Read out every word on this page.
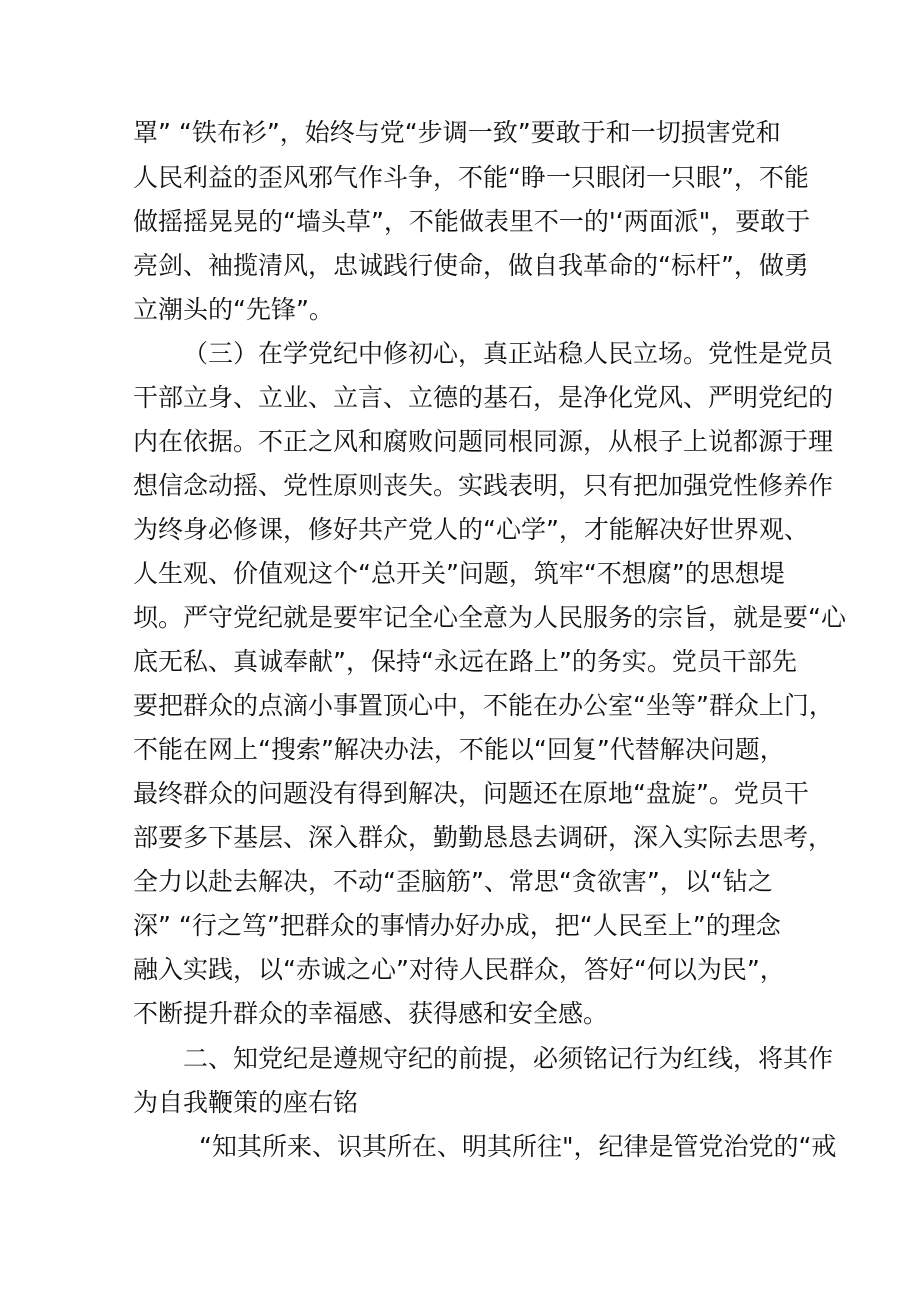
罩” “铁布衫”，始终与党“步调一致”要敢于和一切损害党和
人民利益的歪风邪气作斗争，不能“睁一只眼闭一只眼”，不能
做摇摇晃晃的“墙头草”，不能做表里不一的'‘两面派"，要敢于
亮剑、袖揽清风，忠诚践行使命，做自我革命的“标杆”，做勇
立潮头的“先锋”。
（三）在学党纪中修初心，真正站稳人民立场。党性是党员
干部立身、立业、立言、立德的基石，是净化党风、严明党纪的
内在依据。不正之风和腐败问题同根同源，从根子上说都源于理
想信念动摇、党性原则丧失。实践表明，只有把加强党性修养作
为终身必修课，修好共产党人的“心学”，才能解决好世界观、
人生观、价值观这个“总开关”问题，筑牢“不想腐”的思想堤
坝。严守党纪就是要牢记全心全意为人民服务的宗旨，就是要“心
底无私、真诚奉献”，保持“永远在路上”的务实。党员干部先
要把群众的点滴小事置顶心中，不能在办公室“坐等”群众上门，
不能在网上“搜索”解决办法，不能以“回复”代替解决问题，
最终群众的问题没有得到解决，问题还在原地“盘旋”。党员干
部要多下基层、深入群众，勤勤恳恳去调研，深入实际去思考，
全力以赴去解决，不动“歪脑筋”、常思“贪欲害”，以“钻之
深” “行之笃”把群众的事情办好办成，把“人民至上”的理念
融入实践，以“赤诚之心”对待人民群众，答好“何以为民”，
不断提升群众的幸福感、获得感和安全感。
二、知党纪是遵规守纪的前提，必须铭记行为红线，将其作
为自我鞭策的座右铭
“知其所来、识其所在、明其所往"，纪律是管党治党的“戒
